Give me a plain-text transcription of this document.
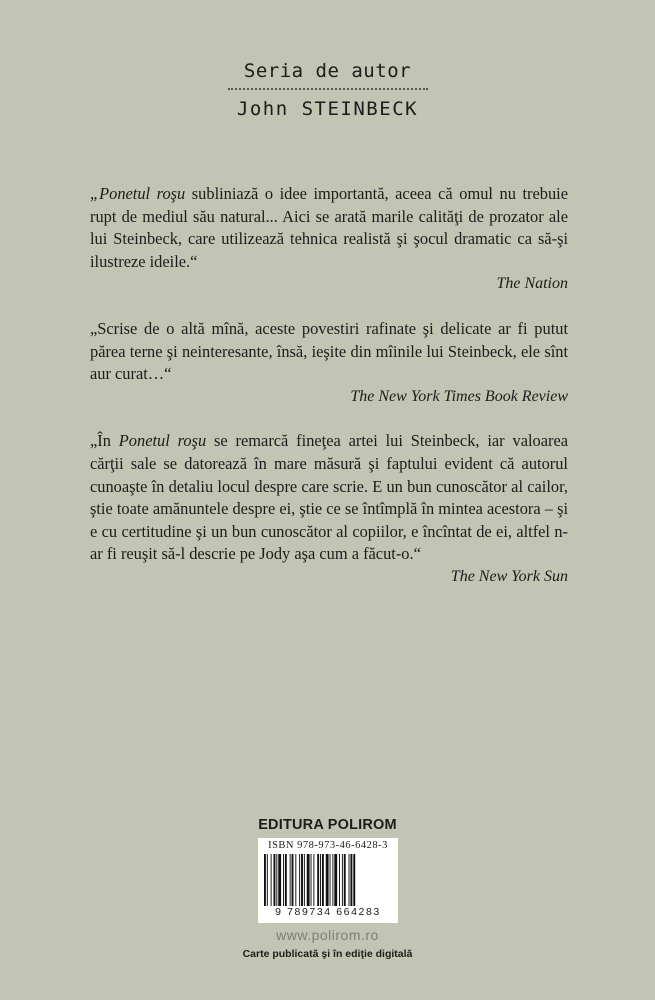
Seria de autor
John STEINBECK
„Ponetul roşu subliniază o idee importantă, aceea că omul nu trebuie rupt de mediul său natural... Aici se arată marile calităţi de prozator ale lui Steinbeck, care utilizează tehnica realistă şi şocul dramatic ca să-şi ilustreze ideile.“
The Nation
„Scrise de o altă mînă, aceste povestiri rafinate şi delicate ar fi putut părea terne şi neinteresante, însă, ieşite din mîinile lui Steinbeck, ele sînt aur curat…“
The New York Times Book Review
„În Ponetul roşu se remarcă fineţea artei lui Steinbeck, iar valoarea cărţii sale se datorează în mare măsură şi faptului evident că autorul cunoaşte în detaliu locul despre care scrie. E un bun cunoscător al cailor, ştie toate amănuntele despre ei, ştie ce se întîmplă în mintea acestora – şi e cu certitudine şi un bun cunoscător al copiilor, e încîntat de ei, altfel n-ar fi reuşit să-l descrie pe Jody aşa cum a făcut-o.“
The New York Sun
EDITURA POLIROM
ISBN 978-973-46-6428-3
9 789734 664283
www.polirom.ro
Carte publicată şi în ediţie digitală
